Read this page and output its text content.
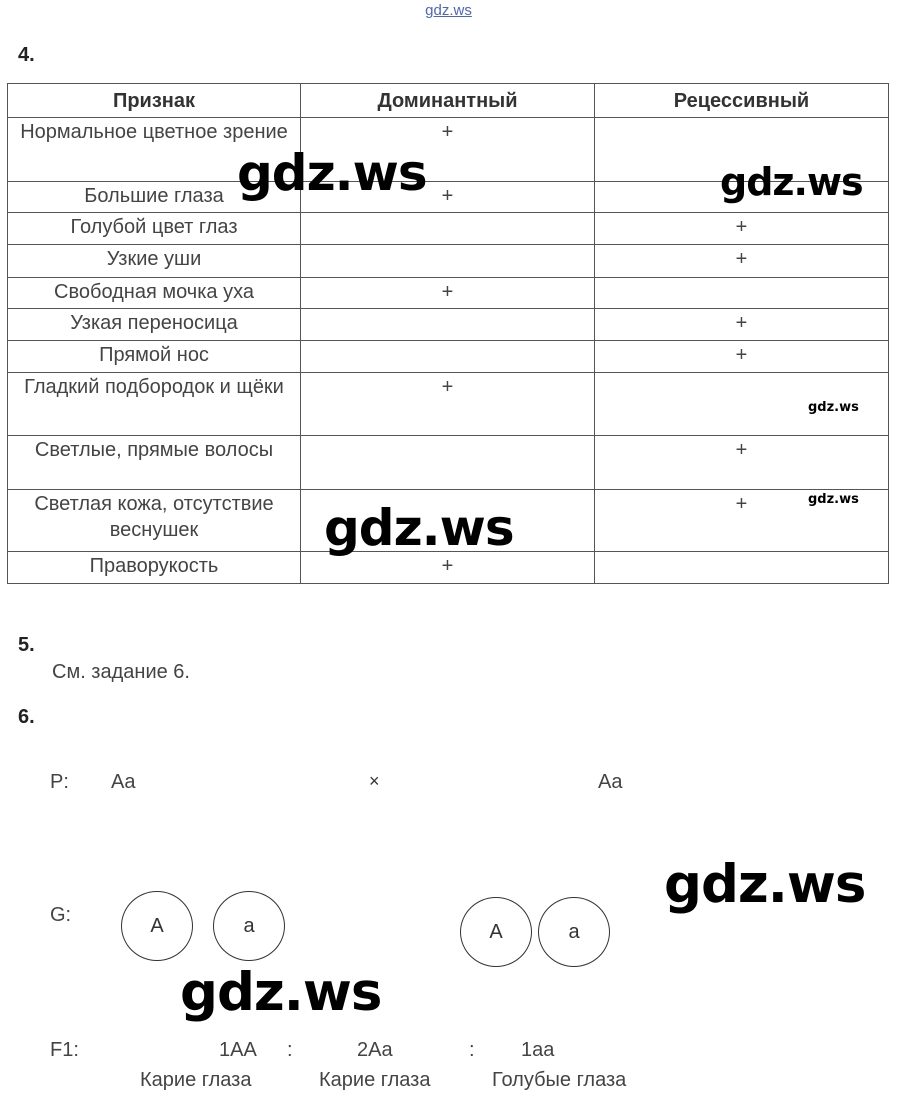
gdz.ws
4.
Признак	Доминантный	Рецессивный
Нормальное цветное зрение	+	
Большие глаза	+	
Голубой цвет глаз		+
Узкие уши		+
Свободная мочка уха	+	
Узкая переносица		+
Прямой нос		+
Гладкий подбородок и щёки	+	
Светлые, прямые волосы		+
Светлая кожа, отсутствие веснушек		+
Праворукость	+	
5.
См. задание 6.
6.
P: Aa	×	Aa
G:	A	a	A	a
F1:	1AA :	2Aa	: 1aa
Карие глаза	Карие глаза	Голубые глаза
gdz.ws	gdz.ws
gdz.ws
gdz.ws
gdz.ws
gdz.ws
gdz.ws
